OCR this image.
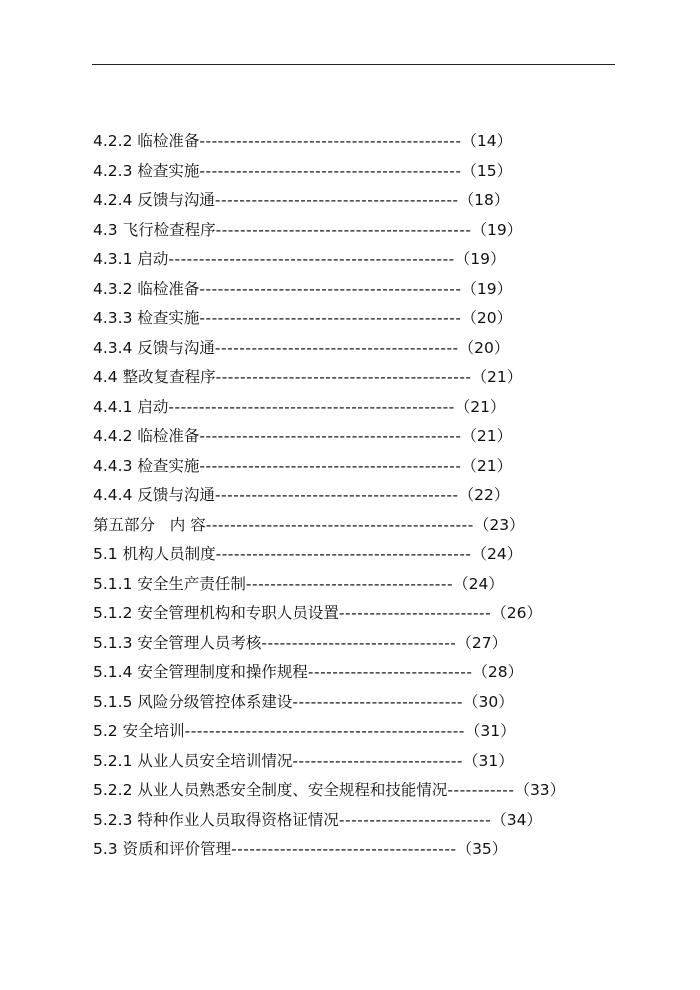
4.2.2 临检准备-------------------------------------------（14）
4.2.3 检查实施-------------------------------------------（15）
4.2.4 反馈与沟通----------------------------------------（18）
4.3 飞行检查程序------------------------------------------（19）
4.3.1 启动-----------------------------------------------（19）
4.3.2 临检准备-------------------------------------------（19）
4.3.3 检查实施-------------------------------------------（20）
4.3.4 反馈与沟通----------------------------------------（20）
4.4 整改复查程序------------------------------------------（21）
4.4.1 启动-----------------------------------------------（21）
4.4.2 临检准备-------------------------------------------（21）
4.4.3 检查实施-------------------------------------------（21）
4.4.4 反馈与沟通----------------------------------------（22）
第五部分 内 容--------------------------------------------（23）
5.1 机构人员制度------------------------------------------（24）
5.1.1 安全生产责任制----------------------------------（24）
5.1.2 安全管理机构和专职人员设置-------------------------（26）
5.1.3 安全管理人员考核--------------------------------（27）
5.1.4 安全管理制度和操作规程---------------------------（28）
5.1.5 风险分级管控体系建设----------------------------（30）
5.2 安全培训----------------------------------------------（31）
5.2.1 从业人员安全培训情况----------------------------（31）
5.2.2 从业人员熟悉安全制度、安全规程和技能情况-----------（33）
5.2.3 特种作业人员取得资格证情况-------------------------（34）
5.3 资质和评价管理-------------------------------------（35）
